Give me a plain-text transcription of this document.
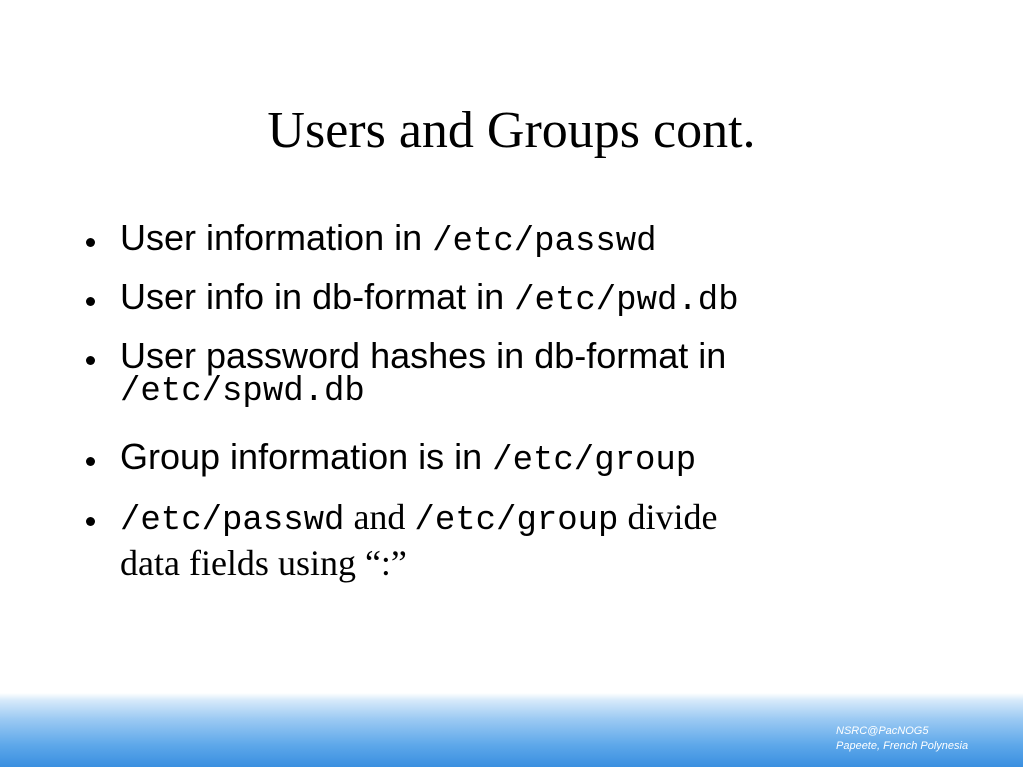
Users and Groups cont.
User information in /etc/passwd
User info in db-format in /etc/pwd.db
User password hashes in db-format in
/etc/spwd.db
Group information is in /etc/group
/etc/passwd and /etc/group divide
data fields using “:”
NSRC@PacNOG5
Papeete, French Polynesia
